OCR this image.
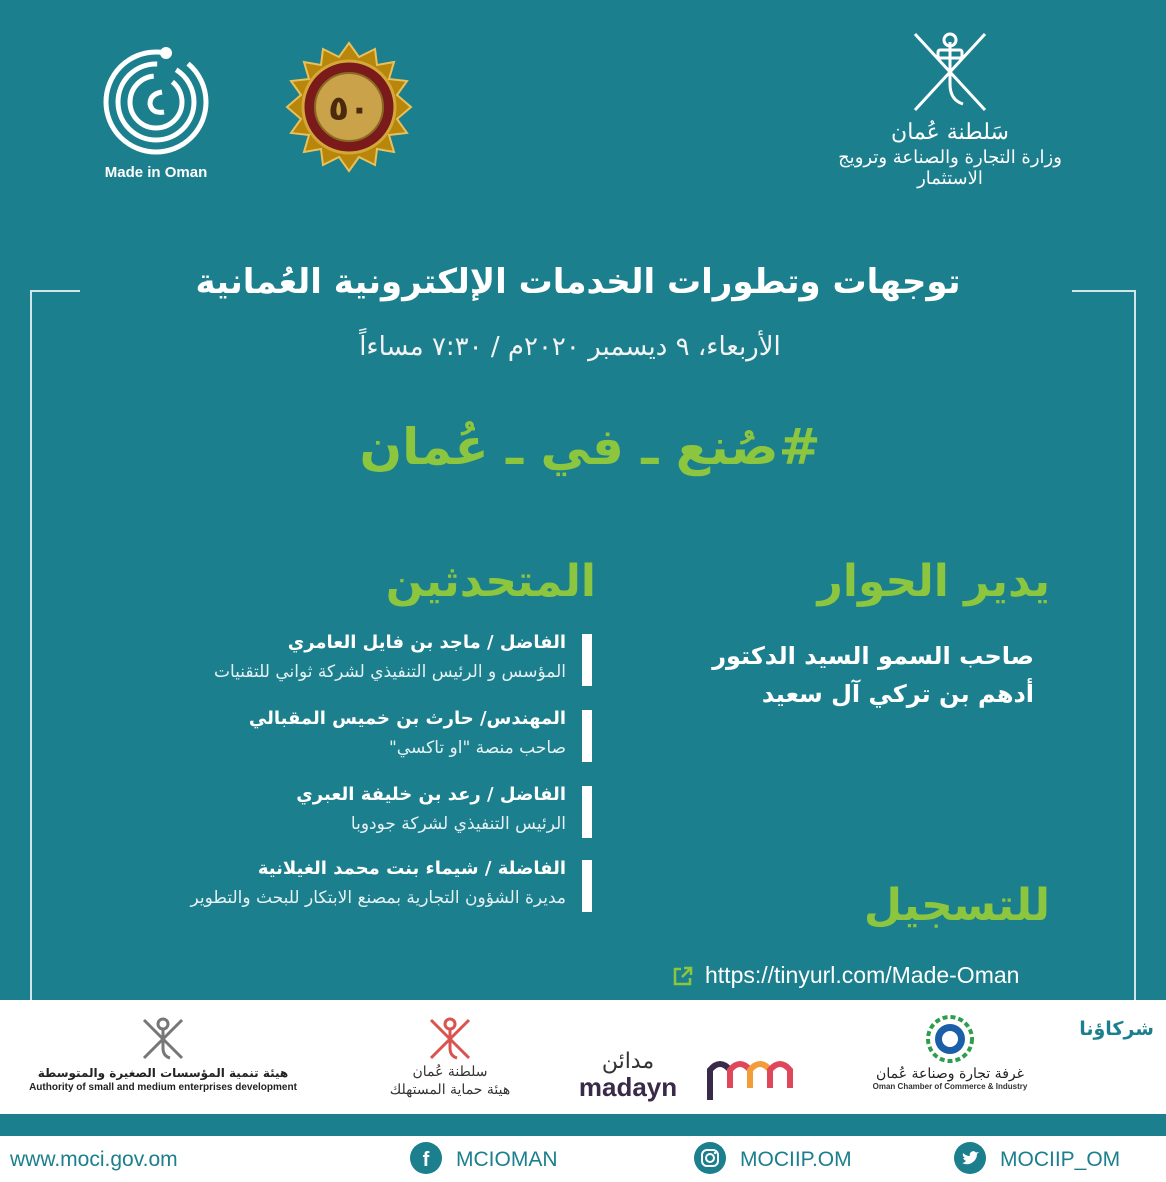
Made in Oman
٥٠
سَلطنة عُمان
وزارة التجارة والصناعة وترويج الاستثمار
توجهات وتطورات الخدمات الإلكترونية العُمانية
الأربعاء، ٩ ديسمبر ٢٠٢٠م / ٧:٣٠ مساءاً
#صُنع ـ في ـ عُمان
يدير الحوار
صاحب السمو السيد الدكتور
أدهم بن تركي آل سعيد
المتحدثين
الفاضل / ماجد بن فايل العامري
المؤسس و الرئيس التنفيذي لشركة ثواني للتقنيات
المهندس/ حارث بن خميس المقبالي
صاحب منصة "او تاكسي"
الفاضل / رعد بن خليفة العبري
الرئيس التنفيذي لشركة جودوبا
الفاضلة / شيماء بنت محمد الغيلانية
مديرة الشؤون التجارية بمصنع الابتكار للبحث والتطوير	للتسجيل
https://tinyurl.com/Made-Oman
شركاؤنا
غرفة تجارة وصناعة عُمان
Oman Chamber of Commerce & Industry
مدائن
madayn
سلطنة عُمان
هيئة حماية المستهلك
هيئة تنمية المؤسسات الصغيرة والمتوسطة
Authority of small and medium enterprises development
www.moci.gov.om	f MCIOMAN	MOCIIP.OM	MOCIIP_OM
